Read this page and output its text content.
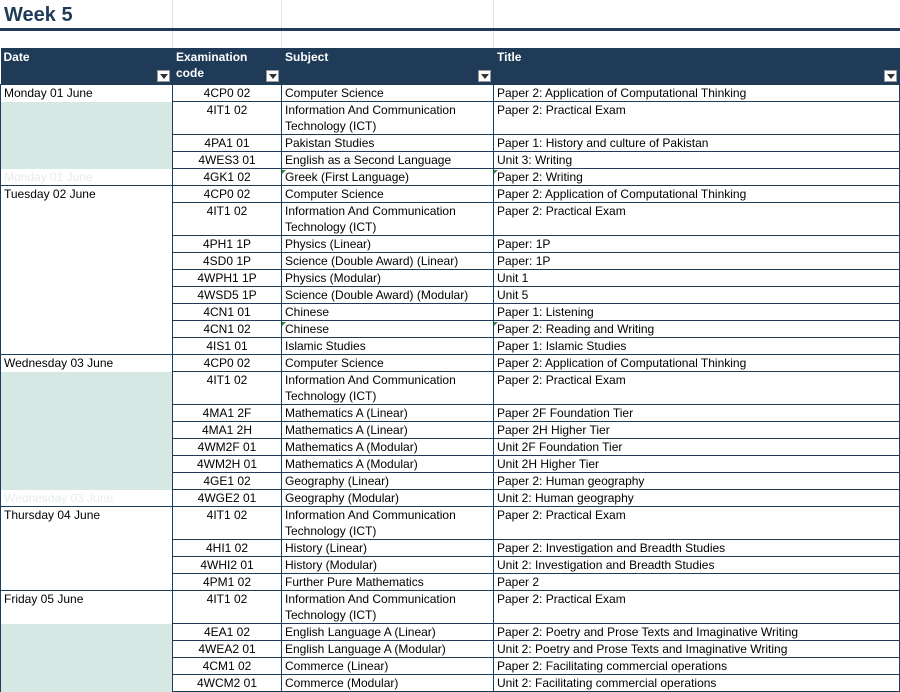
Week 5
Date	Examination code	Subject	Title

Monday 01 June	4CP0 02	Computer Science	Paper 2: Application of Computational Thinking
	4IT1 02	Information And Communication Technology (ICT)	Paper 2: Practical Exam
	4PA1 01	Pakistan Studies	Paper 1: History and culture of Pakistan
	4WES3 01	English as a Second Language	Unit 3: Writing
Monday 01 June	4GK1 02	Greek (First Language)	Paper 2: Writing
Tuesday 02 June	4CP0 02	Computer Science	Paper 2: Application of Computational Thinking
	4IT1 02	Information And Communication Technology (ICT)	Paper 2: Practical Exam
	4PH1 1P	Physics (Linear)	Paper: 1P
	4SD0 1P	Science (Double Award) (Linear)	Paper: 1P
	4WPH1 1P	Physics (Modular)	Unit 1
	4WSD5 1P	Science (Double Award) (Modular)	Unit 5
	4CN1 01	Chinese	Paper 1: Listening
	4CN1 02	Chinese	Paper 2: Reading and Writing
	4IS1 01	Islamic Studies	Paper 1: Islamic Studies
Wednesday 03 June	4CP0 02	Computer Science	Paper 2: Application of Computational Thinking
	4IT1 02	Information And Communication Technology (ICT)	Paper 2: Practical Exam
	4MA1 2F	Mathematics A (Linear)	Paper 2F Foundation Tier
	4MA1 2H	Mathematics A (Linear)	Paper 2H Higher Tier
	4WM2F 01	Mathematics A (Modular)	Unit 2F Foundation Tier
	4WM2H 01	Mathematics A (Modular)	Unit 2H Higher Tier
	4GE1 02	Geography (Linear)	Paper 2: Human geography
Wednesday 03 June	4WGE2 01	Geography (Modular)	Unit 2: Human geography
Thursday 04 June	4IT1 02	Information And Communication Technology (ICT)	Paper 2: Practical Exam
	4HI1 02	History (Linear)	Paper 2: Investigation and Breadth Studies
	4WHI2 01	History (Modular)	Unit 2: Investigation and Breadth Studies
	4PM1 02	Further Pure Mathematics	Paper 2
Friday 05 June	4IT1 02	Information And Communication Technology (ICT)	Paper 2: Practical Exam
	4EA1 02	English Language A (Linear)	Paper 2: Poetry and Prose Texts and Imaginative Writing
	4WEA2 01	English Language A (Modular)	Unit 2: Poetry and Prose Texts and Imaginative Writing
	4CM1 02	Commerce (Linear)	Paper 2: Facilitating commercial operations
	4WCM2 01	Commerce (Modular)	Unit 2: Facilitating commercial operations
